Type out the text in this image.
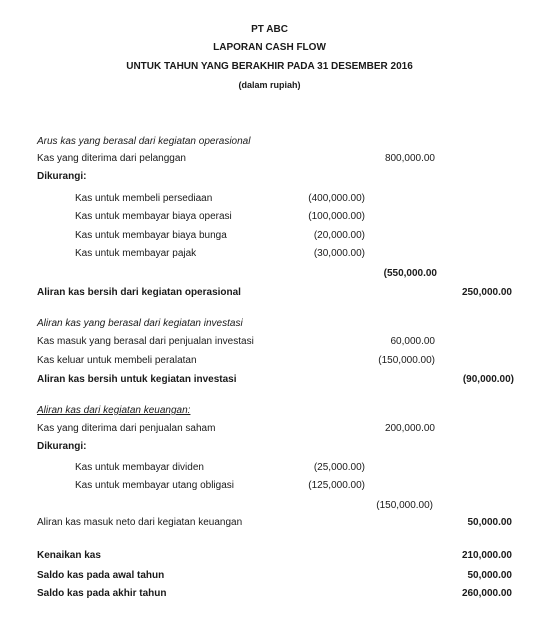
PT ABC
LAPORAN CASH FLOW
UNTUK TAHUN YANG BERAKHIR PADA 31 DESEMBER 2016
(dalam rupiah)
Arus kas yang berasal dari kegiatan operasional
Kas yang diterima dari pelanggan	800,000.00
Dikurangi:
Kas untuk membeli persediaan	(400,000.00)
Kas untuk membayar biaya operasi	(100,000.00)
Kas untuk membayar biaya bunga	(20,000.00)
Kas untuk membayar pajak	(30,000.00)
(550,000.00
Aliran kas bersih dari kegiatan operasional	250,000.00
Aliran kas yang berasal dari kegiatan investasi
Kas masuk yang berasal dari penjualan investasi	60,000.00
Kas keluar untuk membeli peralatan	(150,000.00)
Aliran kas bersih untuk kegiatan investasi	(90,000.00)
Aliran kas dari kegiatan keuangan:
Kas yang diterima dari penjualan saham	200,000.00
Dikurangi:
Kas untuk membayar dividen	(25,000.00)
Kas untuk membayar utang obligasi	(125,000.00)
(150,000.00)
Aliran kas masuk neto dari kegiatan keuangan	50,000.00
Kenaikan kas	210,000.00
Saldo kas pada awal tahun	50,000.00
Saldo kas pada akhir tahun	260,000.00
